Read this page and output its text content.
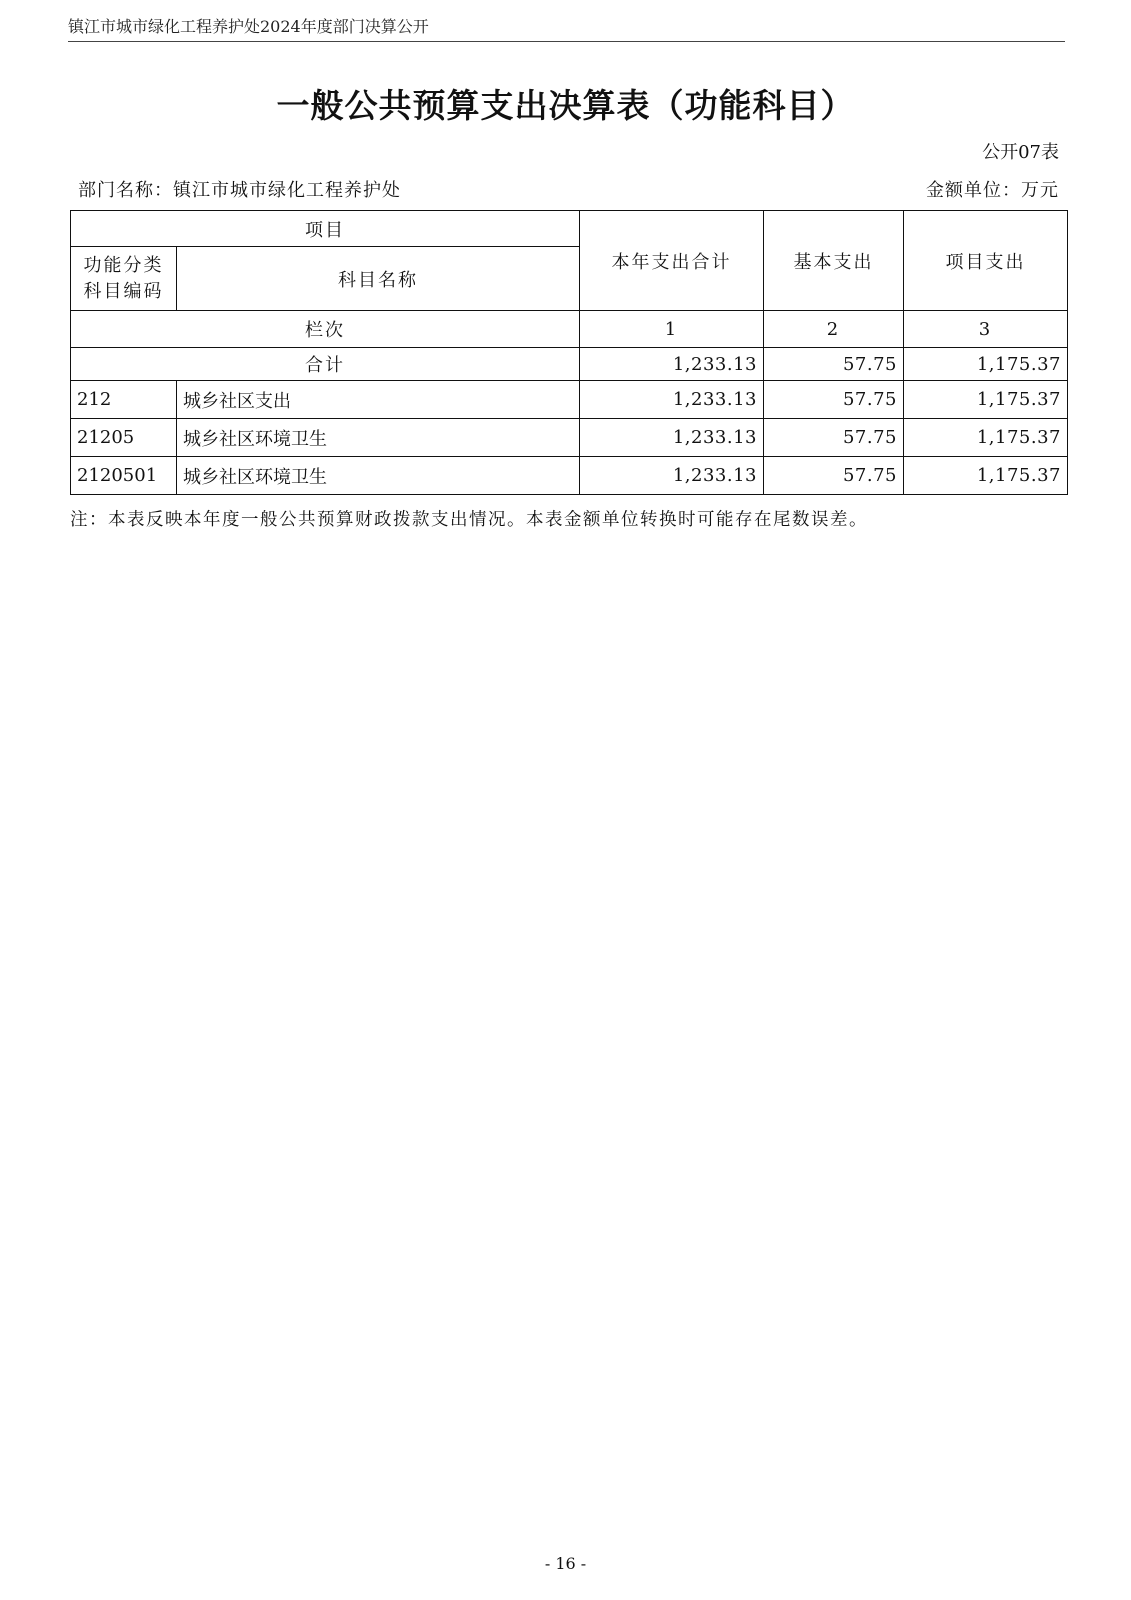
镇江市城市绿化工程养护处2024年度部门决算公开
一般公共预算支出决算表（功能科目）
公开07表
部门名称：镇江市城市绿化工程养护处	金额单位：万元
项目		本年支出合计	基本支出	项目支出
功能分类科目编码	科目名称			
栏次		1	2	3
合计		1,233.13	57.75	1,175.37
212	城乡社区支出	1,233.13	57.75	1,175.37
21205	城乡社区环境卫生	1,233.13	57.75	1,175.37
2120501	城乡社区环境卫生	1,233.13	57.75	1,175.37
注：本表反映本年度一般公共预算财政拨款支出情况。本表金额单位转换时可能存在尾数误差。
- 16 -
